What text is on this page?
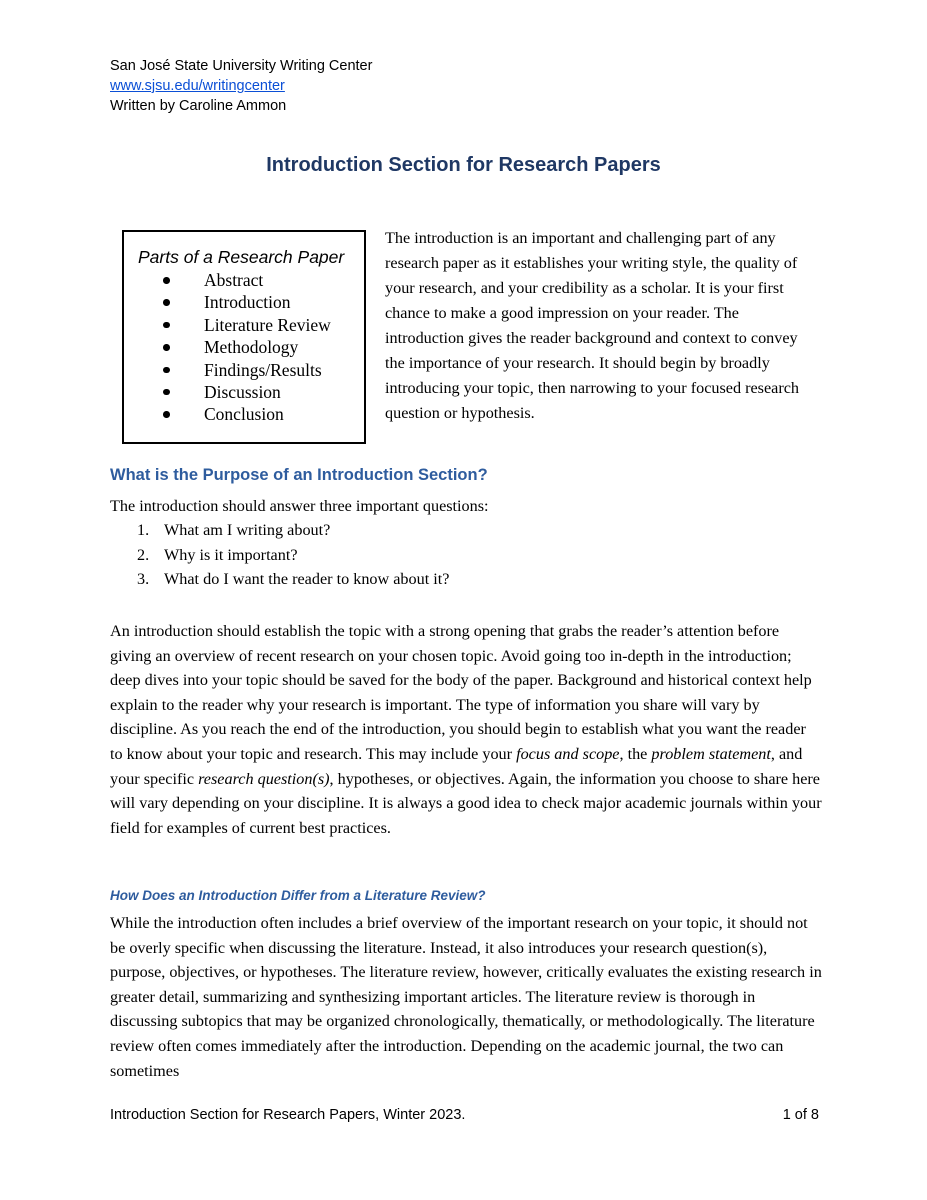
San José State University Writing Center
www.sjsu.edu/writingcenter
Written by Caroline Ammon
Introduction Section for Research Papers
Parts of a Research Paper
Abstract
Introduction
Literature Review
Methodology
Findings/Results
Discussion
Conclusion
The introduction is an important and challenging part of any research paper as it establishes your writing style, the quality of your research, and your credibility as a scholar. It is your first chance to make a good impression on your reader. The introduction gives the reader background and context to convey the importance of your research. It should begin by broadly introducing your topic, then narrowing to your focused research question or hypothesis.
What is the Purpose of an Introduction Section?
The introduction should answer three important questions:
1. What am I writing about?
2. Why is it important?
3. What do I want the reader to know about it?
An introduction should establish the topic with a strong opening that grabs the reader’s attention before giving an overview of recent research on your chosen topic. Avoid going too in-depth in the introduction; deep dives into your topic should be saved for the body of the paper. Background and historical context help explain to the reader why your research is important. The type of information you share will vary by discipline. As you reach the end of the introduction, you should begin to establish what you want the reader to know about your topic and research. This may include your focus and scope, the problem statement, and your specific research question(s), hypotheses, or objectives. Again, the information you choose to share here will vary depending on your discipline. It is always a good idea to check major academic journals within your field for examples of current best practices.
How Does an Introduction Differ from a Literature Review?
While the introduction often includes a brief overview of the important research on your topic, it should not be overly specific when discussing the literature. Instead, it also introduces your research question(s), purpose, objectives, or hypotheses. The literature review, however, critically evaluates the existing research in greater detail, summarizing and synthesizing important articles. The literature review is thorough in discussing subtopics that may be organized chronologically, thematically, or methodologically. The literature review often comes immediately after the introduction. Depending on the academic journal, the two can sometimes
Introduction Section for Research Papers, Winter 2023.	1 of 8
